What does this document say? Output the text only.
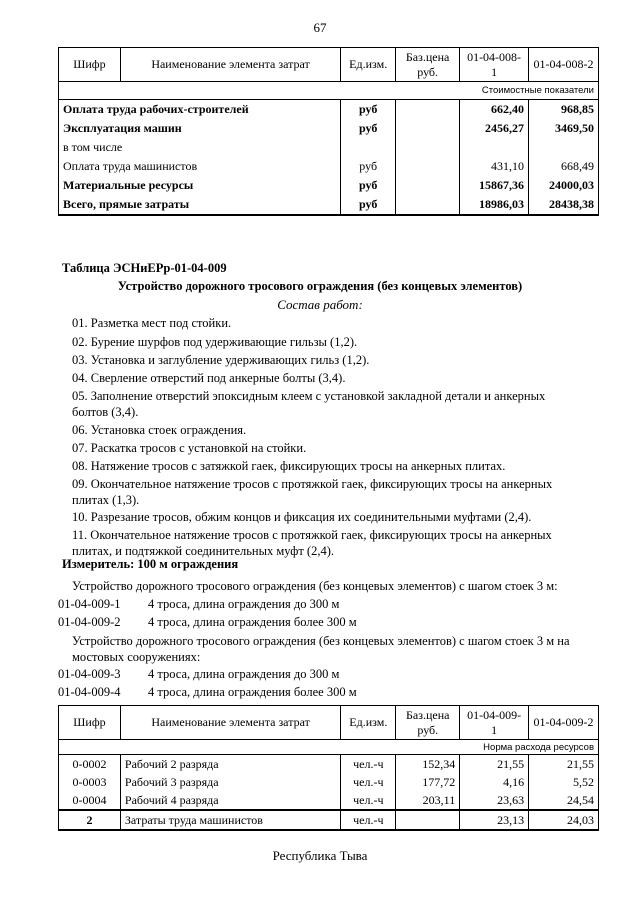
67
Шифр	Наименование элемента затрат	Ед.изм.	Баз.цена руб.	01-04-008-1	01-04-008-2
Стоимостные показатели					
Оплата труда рабочих-строителей		руб		662,40	968,85
Эксплуатация машин		руб		2456,27	3469,50
в том числе					
Оплата труда машинистов		руб		431,10	668,49
Материальные ресурсы		руб		15867,36	24000,03
Всего, прямые затраты		руб		18986,03	28438,38
Таблица ЭСНиЕРр-01-04-009
Устройство дорожного тросового ограждения (без концевых элементов)
Состав работ:
01. Разметка мест под стойки.
02. Бурение шурфов под удерживающие гильзы (1,2).
03. Установка и заглубление удерживающих гильз (1,2).
04. Сверление отверстий под анкерные болты (3,4).
05. Заполнение отверстий эпоксидным клеем с установкой закладной детали и анкерных болтов (3,4).
06. Установка стоек ограждения.
07. Раскатка тросов с установкой на стойки.
08. Натяжение тросов с затяжкой гаек, фиксирующих тросы на анкерных плитах.
09. Окончательное натяжение тросов с протяжкой гаек, фиксирующих тросы на анкерных плитах (1,3).
10. Разрезание тросов, обжим концов и фиксация их соединительными муфтами (2,4).
11. Окончательное натяжение тросов с протяжкой гаек, фиксирующих тросы на анкерных плитах, и подтяжкой соединительных муфт (2,4).
Измеритель: 100 м ограждения
Устройство дорожного тросового ограждения (без концевых элементов) с шагом стоек 3 м:
01-04-009-1 4 троса, длина ограждения до 300 м
01-04-009-2 4 троса, длина ограждения более 300 м
Устройство дорожного тросового ограждения (без концевых элементов) с шагом стоек 3 м на мостовых сооружениях:
01-04-009-3 4 троса, длина ограждения до 300 м
01-04-009-4 4 троса, длина ограждения более 300 м
Шифр	Наименование элемента затрат	Ед.изм.	Баз.цена руб.	01-04-009-1	01-04-009-2
Норма расхода ресурсов					
0-0002	Рабочий 2 разряда	чел.-ч	152,34	21,55	21,55
0-0003	Рабочий 3 разряда	чел.-ч	177,72	4,16	5,52
0-0004	Рабочий 4 разряда	чел.-ч	203,11	23,63	24,54
2	Затраты труда машинистов	чел.-ч		23,13	24,03
Республика Тыва
